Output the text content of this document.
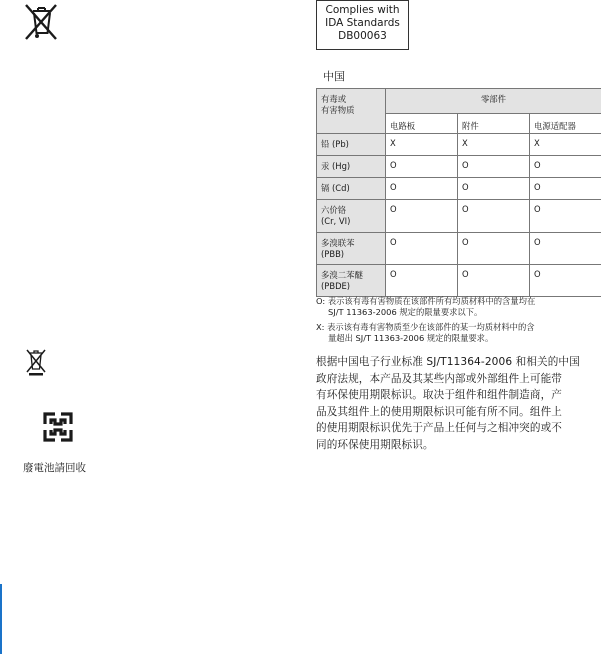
Complies with
IDA Standards
DB00063
中国
有毒或
有害物质	零部件		
	电路板	附件	电源适配器

铅 (Pb)	X	X	X

汞 (Hg)	O	O	O

镉 (Cd)	O	O	O

六价铬
(Cr, VI)	O	O	O

多溴联苯
(PBB)	O	O	O

多溴二苯醚
(PBDE)	O	O	O
O: 表示该有毒有害物质在该部件所有均质材料中的含量均在
SJ/T 11363-2006 规定的限量要求以下。
X: 表示该有毒有害物质至少在该部件的某一均质材料中的含
量超出 SJ/T 11363-2006 规定的限量要求。
根据中国电子行业标准 SJ/T11364-2006 和相关的中国
政府法规，本产品及其某些内部或外部组件上可能带
有环保使用期限标识。取决于组件和组件制造商，产
品及其组件上的使用期限标识可能有所不同。组件上
的使用期限标识优先于产品上任何与之相冲突的或不
同的环保使用期限标识。
廢電池請回收
